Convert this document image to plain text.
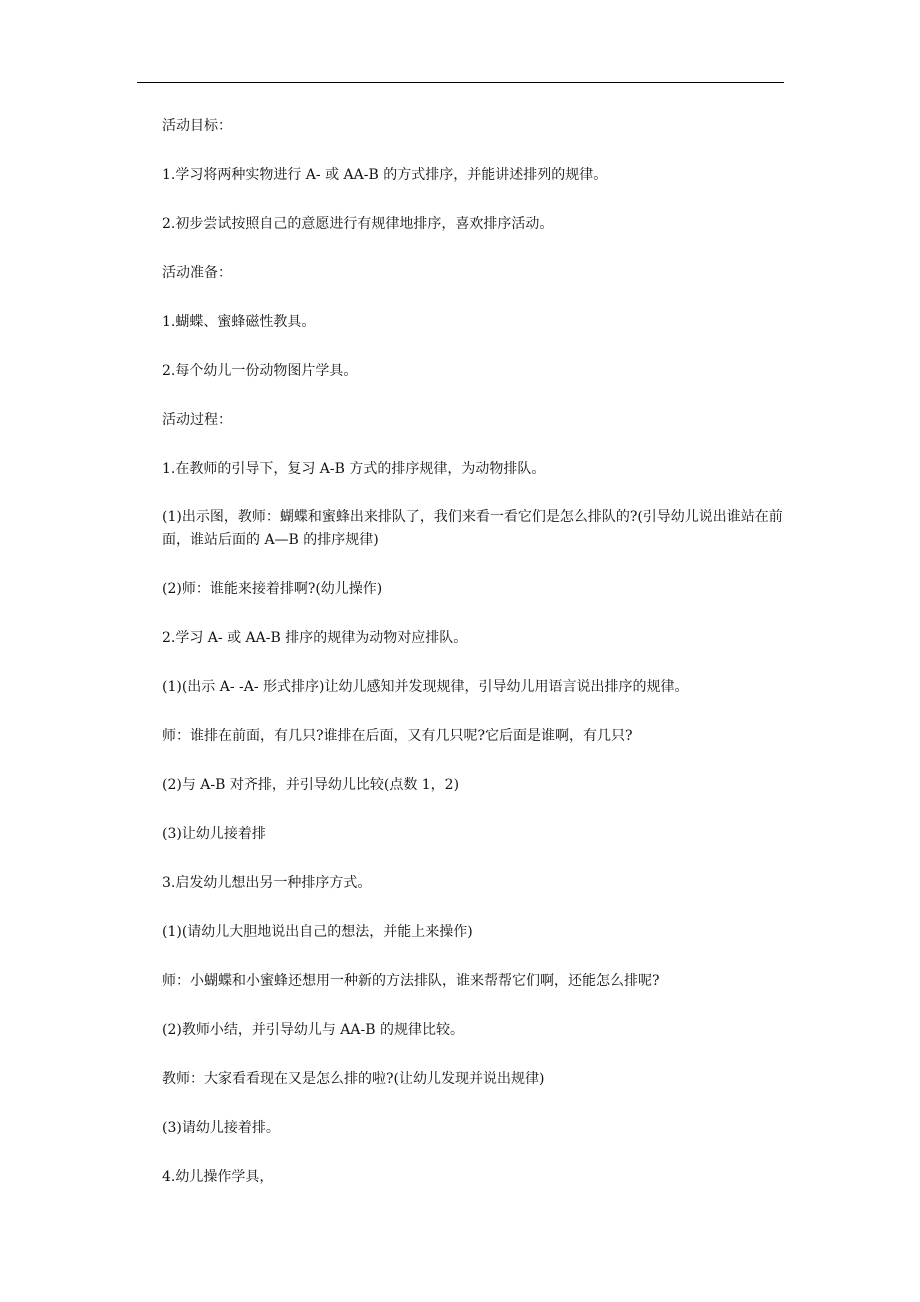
活动目标：

1.学习将两种实物进行 A- 或 AA-B 的方式排序，并能讲述排列的规律。

2.初步尝试按照自己的意愿进行有规律地排序，喜欢排序活动。

活动准备：

1.蝴蝶、蜜蜂磁性教具。

2.每个幼儿一份动物图片学具。

活动过程：

1.在教师的引导下，复习 A-B 方式的排序规律，为动物排队。

(1)出示图，教师：蝴蝶和蜜蜂出来排队了，我们来看一看它们是怎么排队的?(引导幼儿说出谁站在前面，谁站后面的 A—B 的排序规律)

(2)师：谁能来接着排啊?(幼儿操作)

2.学习 A- 或 AA-B 排序的规律为动物对应排队。

(1)(出示 A- -A- 形式排序)让幼儿感知并发现规律，引导幼儿用语言说出排序的规律。

师：谁排在前面，有几只?谁排在后面，又有几只呢?它后面是谁啊，有几只?

(2)与 A-B 对齐排，并引导幼儿比较(点数 1，2)

(3)让幼儿接着排

3.启发幼儿想出另一种排序方式。

(1)(请幼儿大胆地说出自己的想法，并能上来操作)

师：小蝴蝶和小蜜蜂还想用一种新的方法排队，谁来帮帮它们啊，还能怎么排呢?

(2)教师小结，并引导幼儿与 AA-B 的规律比较。

教师：大家看看现在又是怎么排的啦?(让幼儿发现并说出规律)

(3)请幼儿接着排。

4.幼儿操作学具，
